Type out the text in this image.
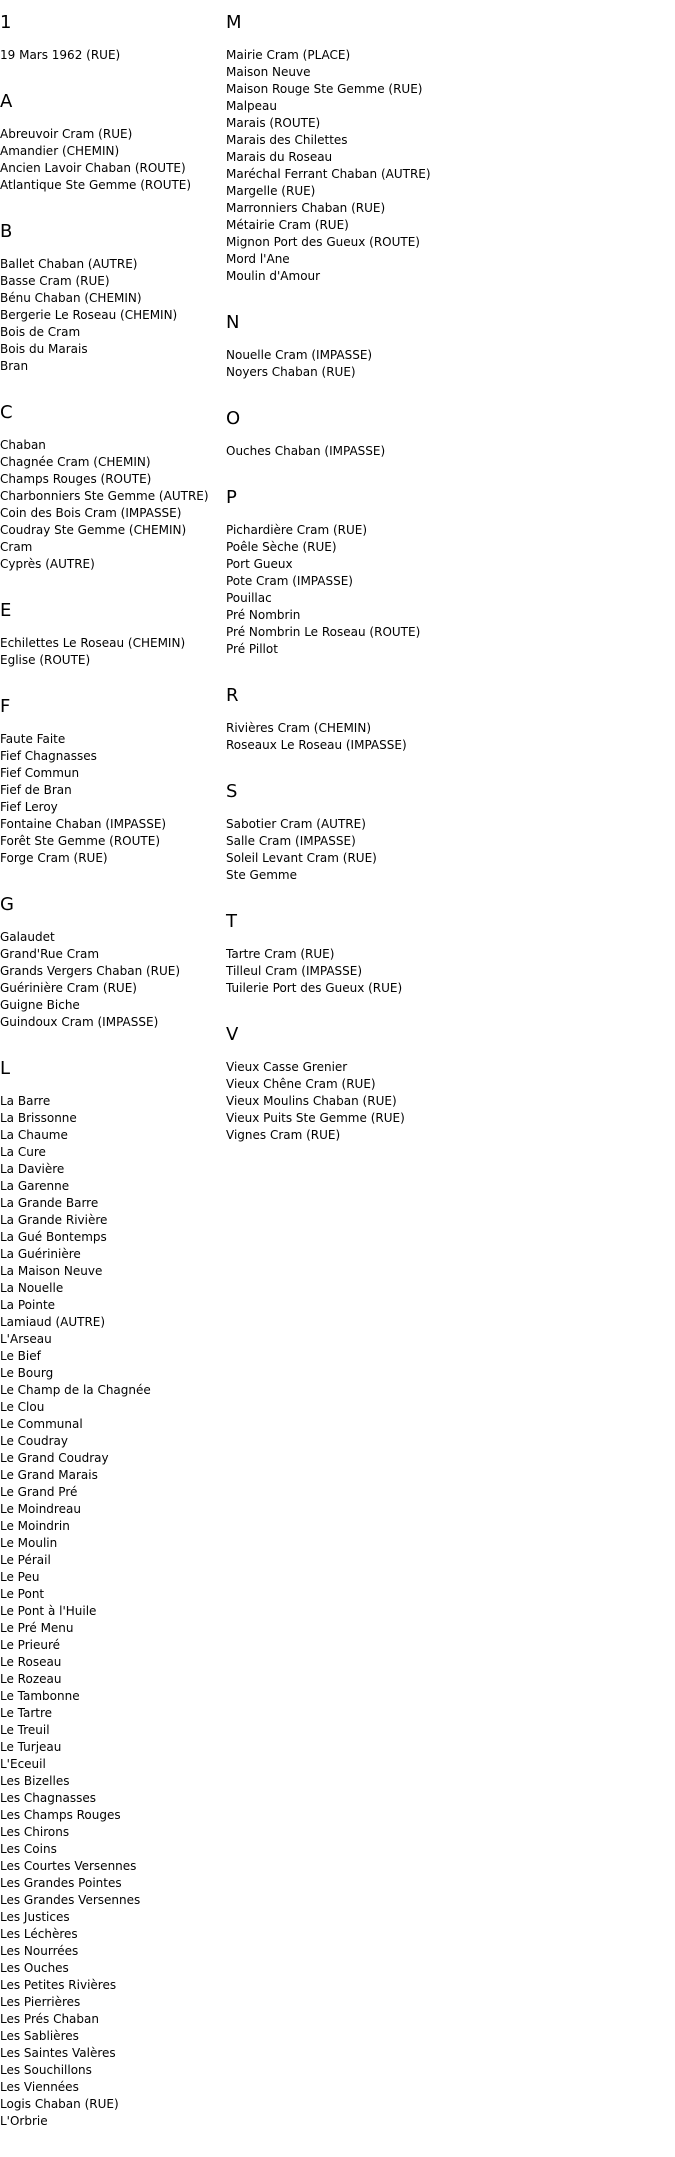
1
19 Mars 1962 (RUE)
A
Abreuvoir Cram (RUE)
Amandier (CHEMIN)
Ancien Lavoir Chaban (ROUTE)
Atlantique Ste Gemme (ROUTE)
B
Ballet Chaban (AUTRE)
Basse Cram (RUE)
Bénu Chaban (CHEMIN)
Bergerie Le Roseau (CHEMIN)
Bois de Cram
Bois du Marais
Bran
C
Chaban
Chagnée Cram (CHEMIN)
Champs Rouges (ROUTE)
Charbonniers Ste Gemme (AUTRE)
Coin des Bois Cram (IMPASSE)
Coudray Ste Gemme (CHEMIN)
Cram
Cyprès (AUTRE)
E
Echilettes Le Roseau (CHEMIN)
Eglise (ROUTE)
F
Faute Faite
Fief Chagnasses
Fief Commun
Fief de Bran
Fief Leroy
Fontaine Chaban (IMPASSE)
Forêt Ste Gemme (ROUTE)
Forge Cram (RUE)
G
Galaudet
Grand'Rue Cram
Grands Vergers Chaban (RUE)
Guérinière Cram (RUE)
Guigne Biche
Guindoux Cram (IMPASSE)
L
La Barre
La Brissonne
La Chaume
La Cure
La Davière
La Garenne
La Grande Barre
La Grande Rivière
La Gué Bontemps
La Guérinière
La Maison Neuve
La Nouelle
La Pointe
Lamiaud (AUTRE)
L'Arseau
Le Bief
Le Bourg
Le Champ de la Chagnée
Le Clou
Le Communal
Le Coudray
Le Grand Coudray
Le Grand Marais
Le Grand Pré
Le Moindreau
Le Moindrin
Le Moulin
Le Pérail
Le Peu
Le Pont
Le Pont à l'Huile
Le Pré Menu
Le Prieuré
Le Roseau
Le Rozeau
Le Tambonne
Le Tartre
Le Treuil
Le Turjeau
L'Eceuil
Les Bizelles
Les Chagnasses
Les Champs Rouges
Les Chirons
Les Coins
Les Courtes Versennes
Les Grandes Pointes
Les Grandes Versennes
Les Justices
Les Léchères
Les Nourrées
Les Ouches
Les Petites Rivières
Les Pierrières
Les Prés Chaban
Les Sablières
Les Saintes Valères
Les Souchillons
Les Viennées
Logis Chaban (RUE)
L'Orbrie
M
Mairie Cram (PLACE)
Maison Neuve
Maison Rouge Ste Gemme (RUE)
Malpeau
Marais (ROUTE)
Marais des Chilettes
Marais du Roseau
Maréchal Ferrant Chaban (AUTRE)
Margelle (RUE)
Marronniers Chaban (RUE)
Métairie Cram (RUE)
Mignon Port des Gueux (ROUTE)
Mord l'Ane
Moulin d'Amour
N
Nouelle Cram (IMPASSE)
Noyers Chaban (RUE)
O
Ouches Chaban (IMPASSE)
P
Pichardière Cram (RUE)
Poêle Sèche (RUE)
Port Gueux
Pote Cram (IMPASSE)
Pouillac
Pré Nombrin
Pré Nombrin Le Roseau (ROUTE)
Pré Pillot
R
Rivières Cram (CHEMIN)
Roseaux Le Roseau (IMPASSE)
S
Sabotier Cram (AUTRE)
Salle Cram (IMPASSE)
Soleil Levant Cram (RUE)
Ste Gemme
T
Tartre Cram (RUE)
Tilleul Cram (IMPASSE)
Tuilerie Port des Gueux (RUE)
V
Vieux Casse Grenier
Vieux Chêne Cram (RUE)
Vieux Moulins Chaban (RUE)
Vieux Puits Ste Gemme (RUE)
Vignes Cram (RUE)
